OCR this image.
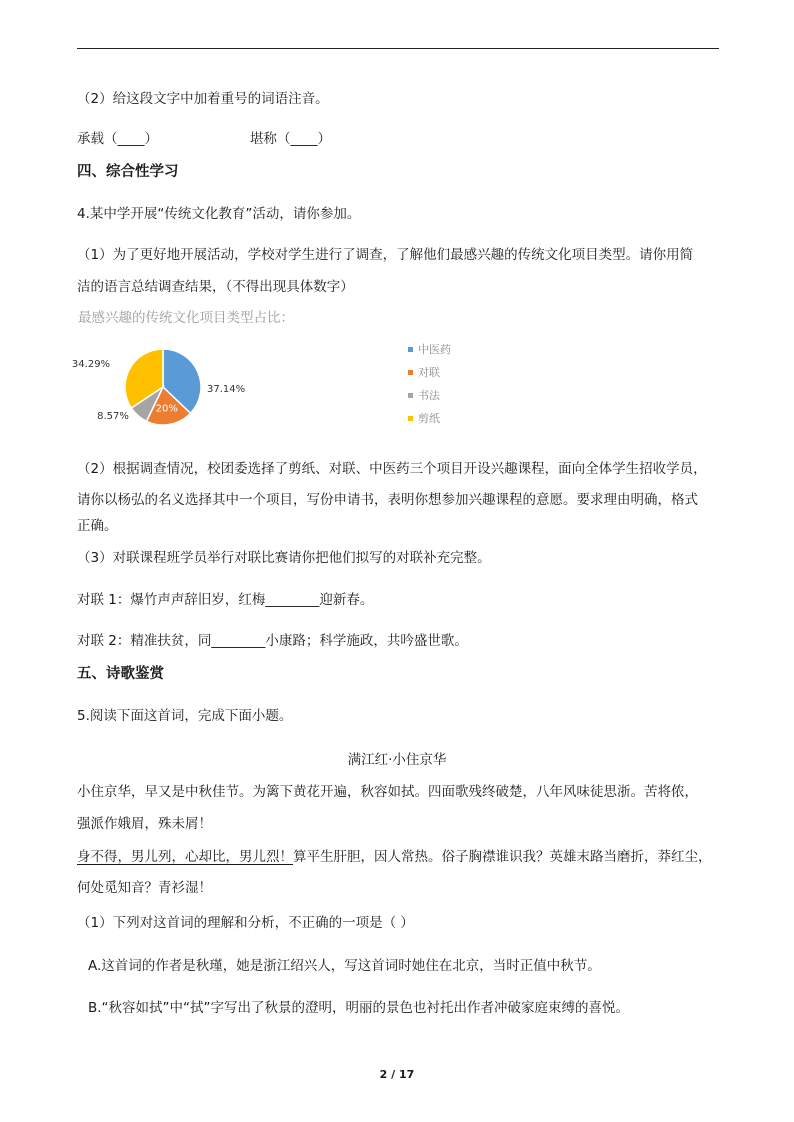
（2）给这段文字中加着重号的词语注音。
承载（____）	堪称（____）
四、综合性学习
4.某中学开展“传统文化教育”活动，请你参加。
（1）为了更好地开展活动，学校对学生进行了调查，了解他们最感兴趣的传统文化项目类型。请你用简
洁的语言总结调查结果，（不得出现具体数字）
最感兴趣的传统文化项目类型占比：
37.14%
20%
8.57%
34.29%
中医药
对联
书法
剪纸
（2）根据调查情况，校团委选择了剪纸、对联、中医药三个项目开设兴趣课程，面向全体学生招收学员，
请你以杨弘的名义选择其中一个项目，写份申请书，表明你想参加兴趣课程的意愿。要求理由明确，格式
正确。
（3）对联课程班学员举行对联比赛请你把他们拟写的对联补充完整。
对联 1：爆竹声声辞旧岁，红梅________迎新春。
对联 2：精准扶贫，同________小康路；科学施政，共吟盛世歌。
五、诗歌鉴赏
5.阅读下面这首词，完成下面小题。
满江红·小住京华
小住京华，早又是中秋佳节。为篱下黄花开遍，秋容如拭。四面歌残终破楚，八年风味徒思浙。苦将侬，
强派作娥眉，殊未屑！
身不得，男儿列，心却比，男儿烈！算平生肝胆，因人常热。俗子胸襟谁识我？英雄末路当磨折，莽红尘，
何处觅知音？青衫湿！
（1）下列对这首词的理解和分析，不正确的一项是（ ）
A.这首词的作者是秋瑾，她是浙江绍兴人，写这首词时她住在北京，当时正值中秋节。
B.“秋容如拭”中“拭”字写出了秋景的澄明，明丽的景色也衬托出作者冲破家庭束缚的喜悦。
2 / 17
